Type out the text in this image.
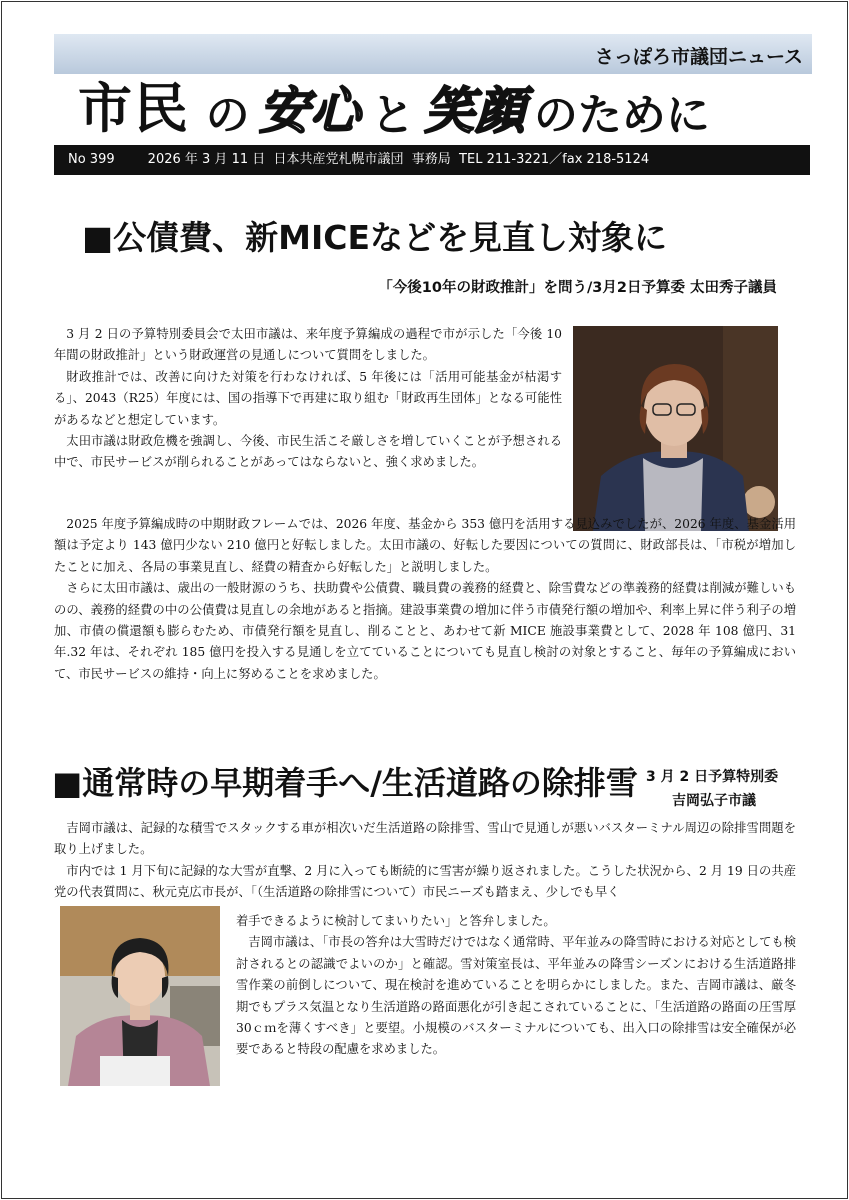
さっぽろ市議団ニュース
市民 の 安心 と 笑顔 のために
No 399        2026 年 3 月 11 日  日本共産党札幌市議団  事務局  TEL 211-3221／fax 218-5124
■公債費、新MICEなどを見直し対象に
「今後10年の財政推計」を問う/3月2日予算委 太田秀子議員

3 月 2 日の予算特別委員会で太田市議は、来年度予算編成の過程で市が示した「今後 10 年間の財政推計」という財政運営の見通しについて質問をしました。

財政推計では、改善に向けた対策を行わなければ、5 年後には「活用可能基金が枯渇する」、2043（R25）年度には、国の指導下で再建に取り組む「財政再生団体」となる可能性があるなどと想定しています。

太田市議は財政危機を強調し、今後、市民生活こそ厳しさを増していくことが予想される中で、市民サービスが削られることがあってはならないと、強く求めました。

2025 年度予算編成時の中期財政フレームでは、2026 年度、基金から 353 億円を活用する見込みでしたが、2026 年度、基金活用額は予定より 143 億円少ない 210 億円と好転しました。太田市議の、好転した要因についての質問に、財政部長は、「市税が増加したことに加え、各局の事業見直し、経費の精査から好転した」と説明しました。

さらに太田市議は、歳出の一般財源のうち、扶助費や公債費、職員費の義務的経費と、除雪費などの準義務的経費は削減が難しいものの、義務的経費の中の公債費は見直しの余地があると指摘。建設事業費の増加に伴う市債発行額の増加や、利率上昇に伴う利子の増加、市債の償還額も膨らむため、市債発行額を見直し、削ることと、あわせて新 MICE 施設事業費として、2028 年 108 億円、31 年.32 年は、それぞれ 185 億円を投入する見通しを立てていることについても見直し検討の対象とすること、毎年の予算編成において、市民サービスの維持・向上に努めることを求めました。

■通常時の早期着手へ/生活道路の除排雪 3 月 2 日予算特別委
吉岡弘子市議

吉岡市議は、記録的な積雪でスタックする車が相次いだ生活道路の除排雪、雪山で見通しが悪いバスターミナル周辺の除排雪問題を取り上げました。

市内では 1 月下旬に記録的な大雪が直撃、2 月に入っても断続的に雪害が繰り返されました。こうした状況から、2 月 19 日の共産党の代表質問に、秋元克広市長が、「（生活道路の除排雪について）市民ニーズも踏まえ、少しでも早く

着手できるように検討してまいりたい」と答弁しました。

吉岡市議は、「市長の答弁は大雪時だけではなく通常時、平年並みの降雪時における対応としても検討されるとの認識でよいのか」と確認。雪対策室長は、平年並みの降雪シーズンにおける生活道路排雪作業の前倒しについて、現在検討を進めていることを明らかにしました。また、吉岡市議は、厳冬期でもプラス気温となり生活道路の路面悪化が引き起こされていることに、「生活道路の路面の圧雪厚 30ｃｍを薄くすべき」と要望。小規模のバスターミナルについても、出入口の除排雪は安全確保が必要であると特段の配慮を求めました。
